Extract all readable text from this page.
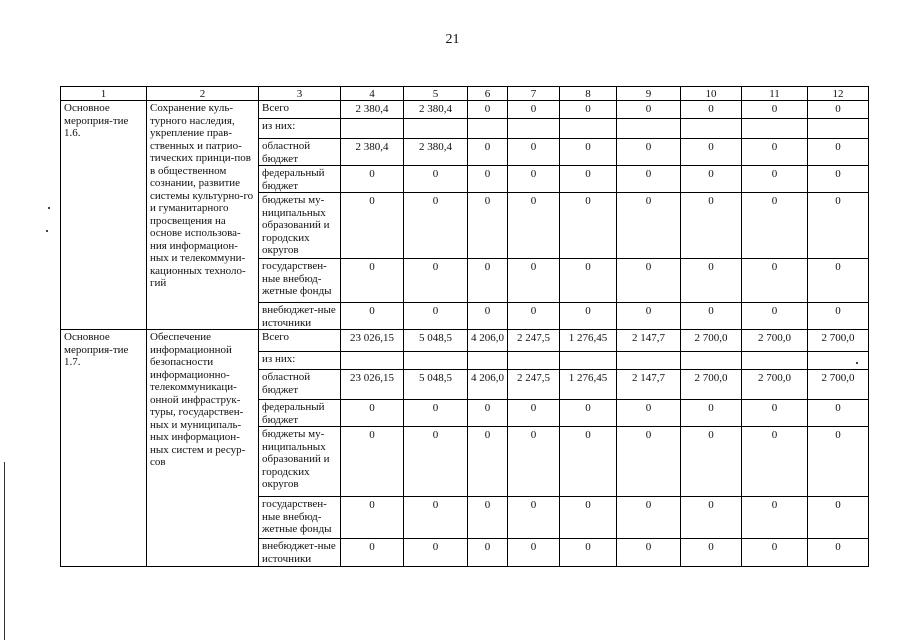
21
1	2	3	4	5	6	7	8	9	10	11	12
Основное мероприя-тие 1.6.	Сохранение куль-турного наследия, укрепление прав-ственных и патрио-тических принци-пов в общественном сознании, развитие системы культурно-го и гуманитарного просвещения на основе использова-ния информацион-ных и телекоммуни-кационных техноло-гий	Всего	2 380,4	2 380,4	0	0	0	0	0	0	0
		из них:									
		областной бюджет	2 380,4	2 380,4	0	0	0	0	0	0	0
		федеральный бюджет	0	0	0	0	0	0	0	0	0
		бюджеты му-ниципальных образований и городских округов	0	0	0	0	0	0	0	0	0
		государствен-ные внебюд-жетные фонды	0	0	0	0	0	0	0	0	0
		внебюджет-ные источники	0	0	0	0	0	0	0	0	0
Основное мероприя-тие 1.7.	Обеспечение информационной безопасности информационно-телекоммуникаци-онной инфраструк-туры, государствен-ных и муниципаль-ных информацион-ных систем и ресур-сов	Всего	23 026,15	5 048,5	4 206,0	2 247,5	1 276,45	2 147,7	2 700,0	2 700,0	2 700,0
		из них:									
		областной бюджет	23 026,15	5 048,5	4 206,0	2 247,5	1 276,45	2 147,7	2 700,0	2 700,0	2 700,0
		федеральный бюджет	0	0	0	0	0	0	0	0	0
		бюджеты му-ниципальных образований и городских округов	0	0	0	0	0	0	0	0	0
		государствен-ные внебюд-жетные фонды	0	0	0	0	0	0	0	0	0
		внебюджет-ные источники	0	0	0	0	0	0	0	0	0
